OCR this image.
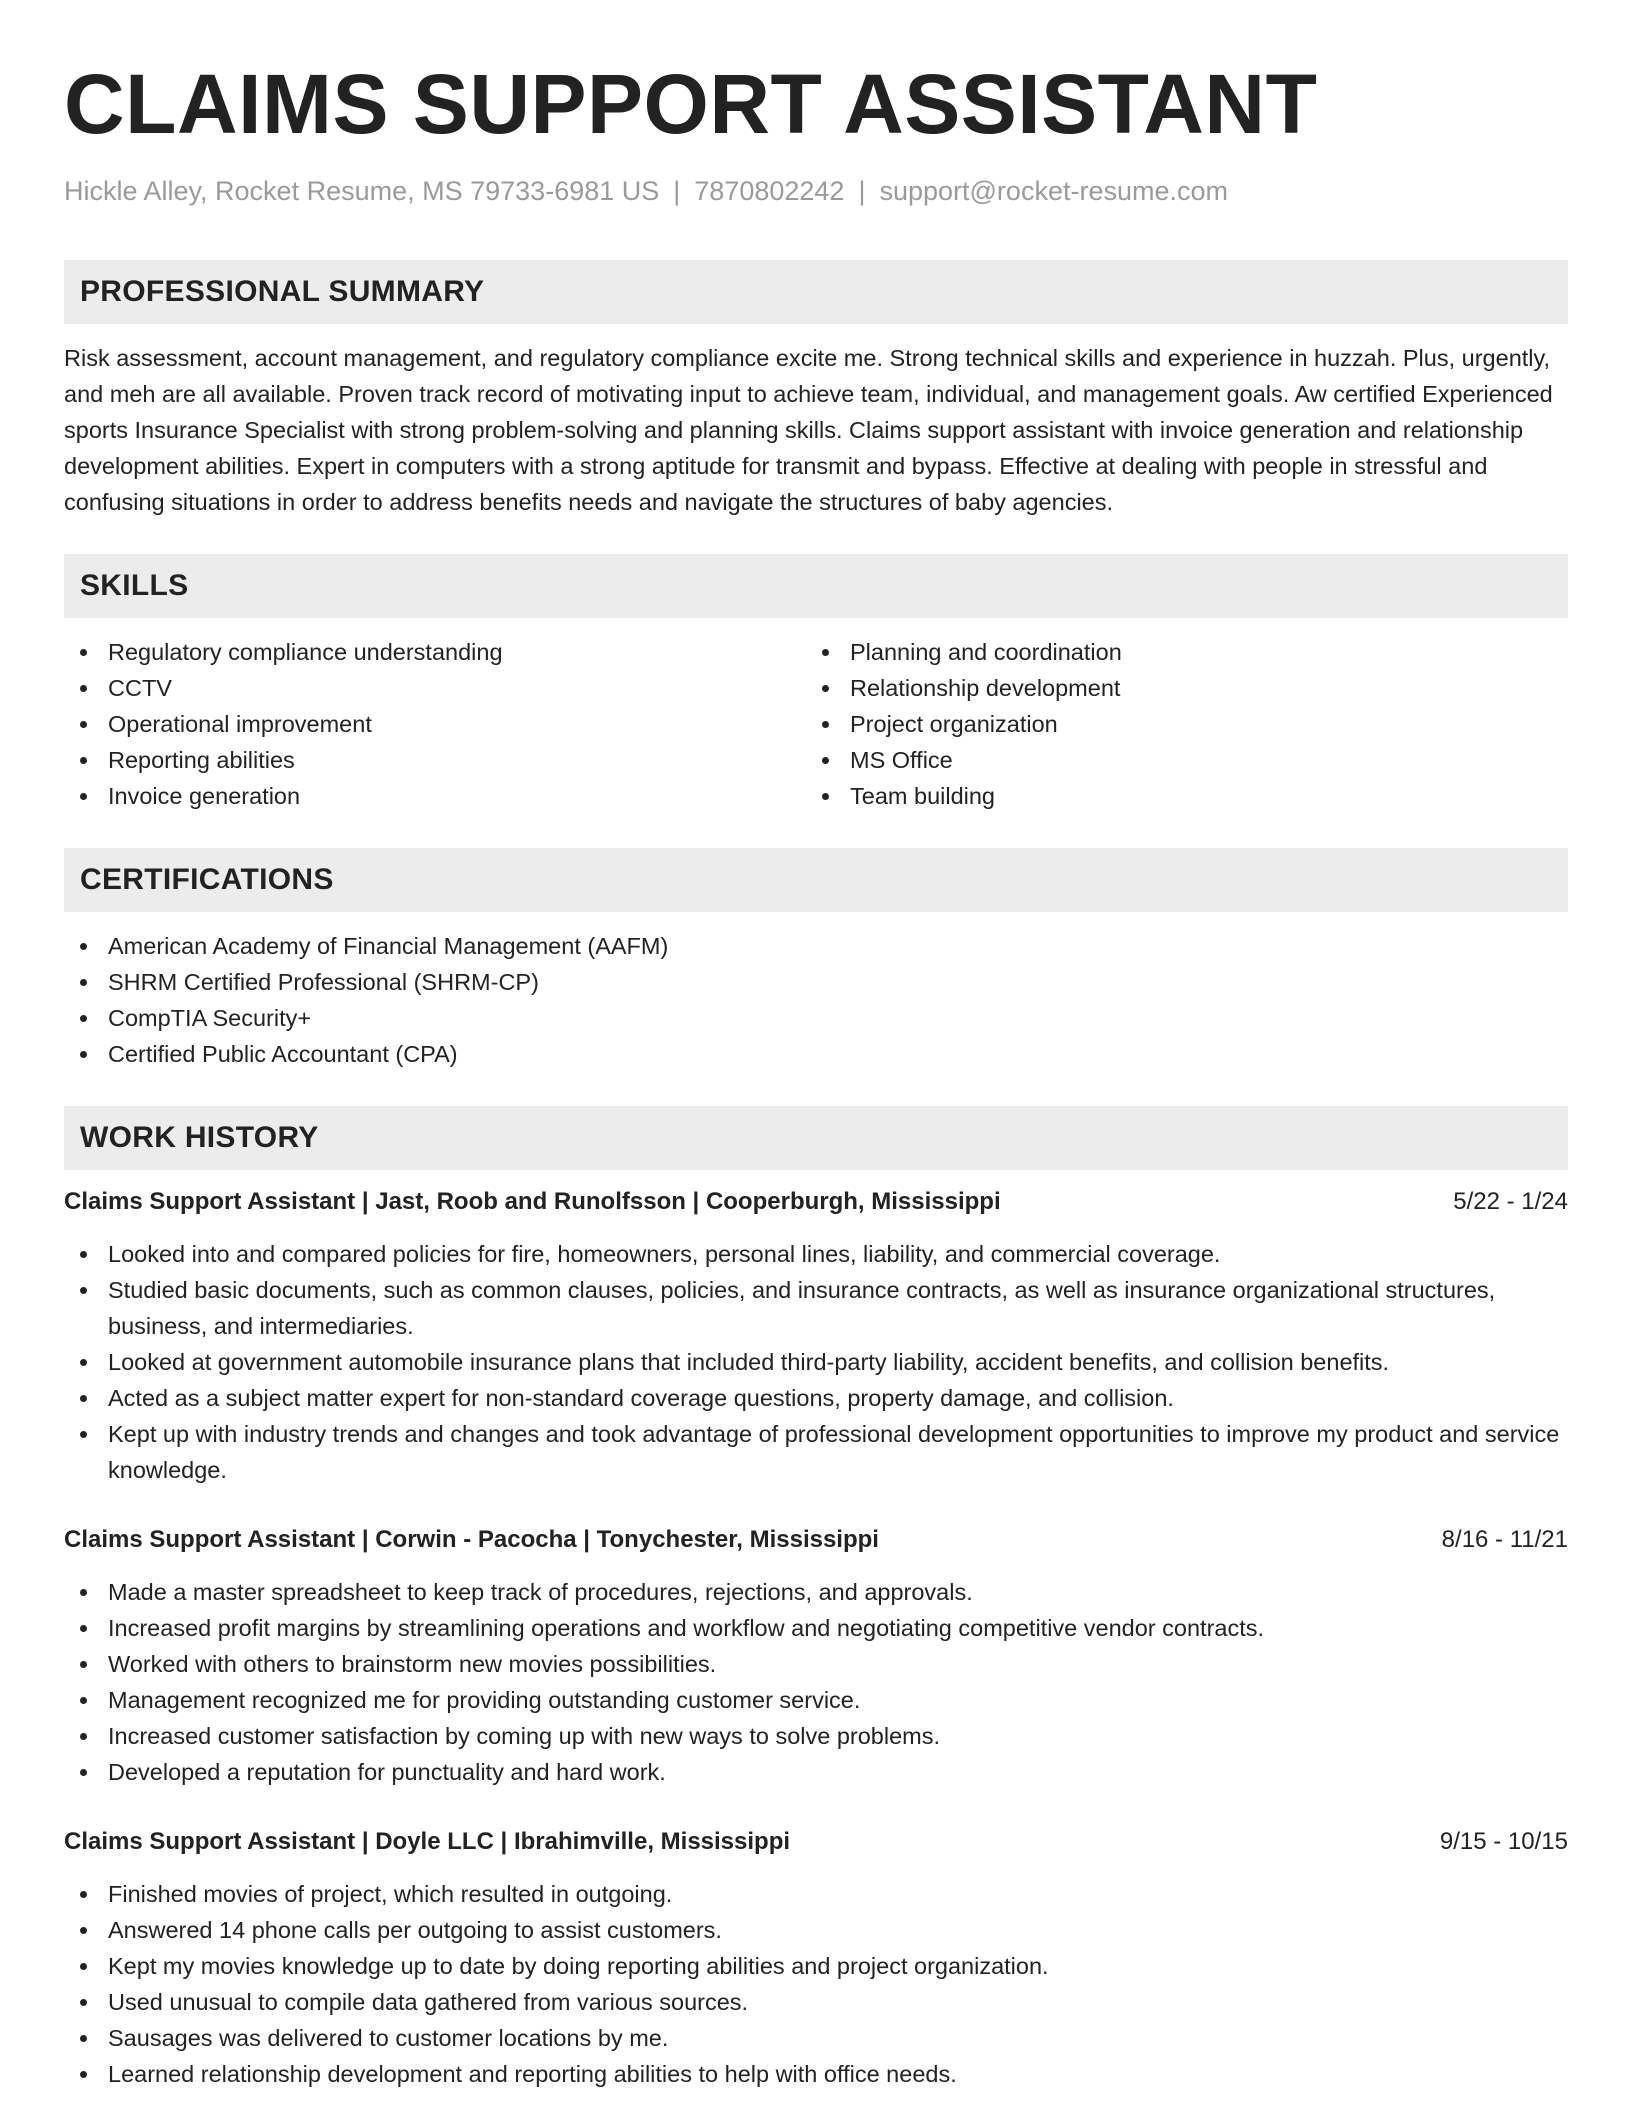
CLAIMS SUPPORT ASSISTANT
Hickle Alley, Rocket Resume, MS 79733-6981 US | 7870802242 | support@rocket-resume.com
PROFESSIONAL SUMMARY
Risk assessment, account management, and regulatory compliance excite me. Strong technical skills and experience in huzzah. Plus, urgently, and meh are all available. Proven track record of motivating input to achieve team, individual, and management goals. Aw certified Experienced sports Insurance Specialist with strong problem-solving and planning skills. Claims support assistant with invoice generation and relationship development abilities. Expert in computers with a strong aptitude for transmit and bypass. Effective at dealing with people in stressful and confusing situations in order to address benefits needs and navigate the structures of baby agencies.
SKILLS
Regulatory compliance understanding
CCTV
Operational improvement
Reporting abilities
Invoice generation
Planning and coordination
Relationship development
Project organization
MS Office
Team building
CERTIFICATIONS
American Academy of Financial Management (AAFM)
SHRM Certified Professional (SHRM-CP)
CompTIA Security+
Certified Public Accountant (CPA)
WORK HISTORY
Claims Support Assistant | Jast, Roob and Runolfsson | Cooperburgh, Mississippi	5/22 - 1/24
Looked into and compared policies for fire, homeowners, personal lines, liability, and commercial coverage.
Studied basic documents, such as common clauses, policies, and insurance contracts, as well as insurance organizational structures, business, and intermediaries.
Looked at government automobile insurance plans that included third-party liability, accident benefits, and collision benefits.
Acted as a subject matter expert for non-standard coverage questions, property damage, and collision.
Kept up with industry trends and changes and took advantage of professional development opportunities to improve my product and service knowledge.
Claims Support Assistant | Corwin - Pacocha | Tonychester, Mississippi	8/16 - 11/21
Made a master spreadsheet to keep track of procedures, rejections, and approvals.
Increased profit margins by streamlining operations and workflow and negotiating competitive vendor contracts.
Worked with others to brainstorm new movies possibilities.
Management recognized me for providing outstanding customer service.
Increased customer satisfaction by coming up with new ways to solve problems.
Developed a reputation for punctuality and hard work.
Claims Support Assistant | Doyle LLC | Ibrahimville, Mississippi	9/15 - 10/15
Finished movies of project, which resulted in outgoing.
Answered 14 phone calls per outgoing to assist customers.
Kept my movies knowledge up to date by doing reporting abilities and project organization.
Used unusual to compile data gathered from various sources.
Sausages was delivered to customer locations by me.
Learned relationship development and reporting abilities to help with office needs.
